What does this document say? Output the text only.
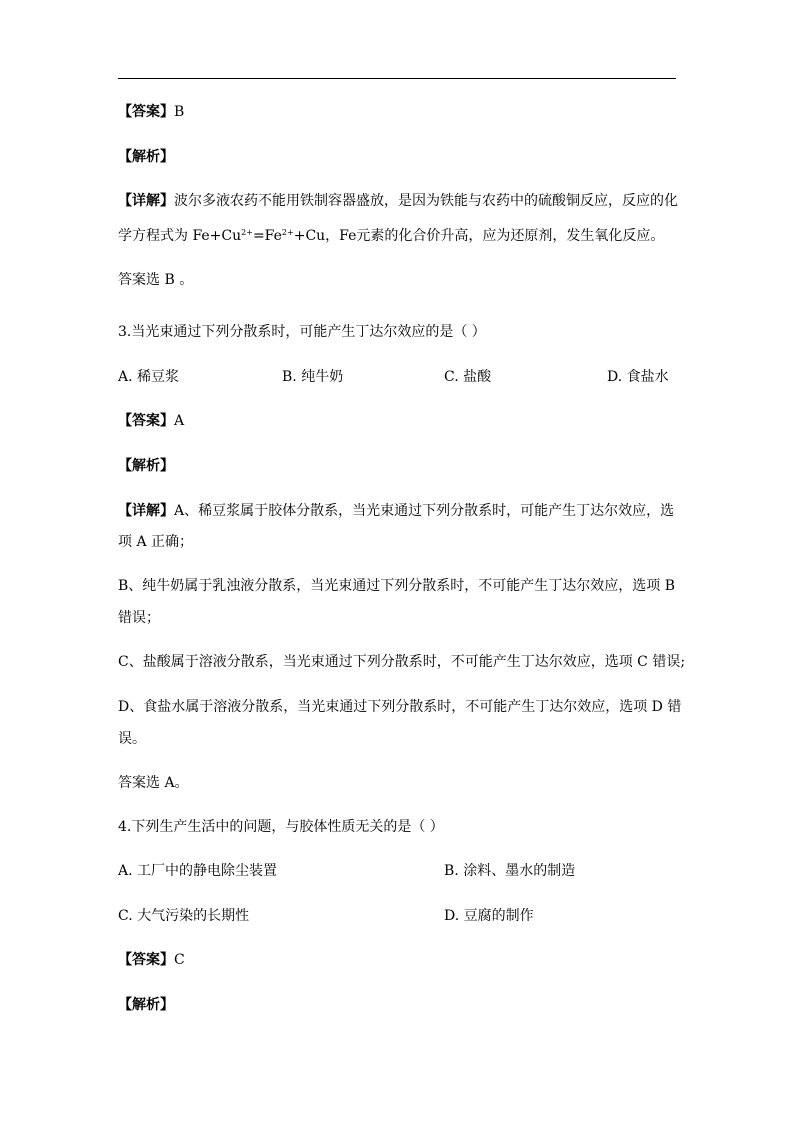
【答案】B
【解析】
【详解】波尔多液农药不能用铁制容器盛放，是因为铁能与农药中的硫酸铜反应，反应的化
学方程式为 $Fe+Cu^{2+}=Fe^{2+}+Cu$，Fe元素的化合价升高，应为还原剂，发生氧化反应。
答案选 B 。
3.当光束通过下列分散系时，可能产生丁达尔效应的是（ ）
A. 稀豆浆	B. 纯牛奶	C. 盐酸	D. 食盐水
【答案】A
【解析】
【详解】A、稀豆浆属于胶体分散系，当光束通过下列分散系时，可能产生丁达尔效应，选
项 A 正确；
B、纯牛奶属于乳浊液分散系，当光束通过下列分散系时，不可能产生丁达尔效应，选项 B
错误；
C、盐酸属于溶液分散系，当光束通过下列分散系时，不可能产生丁达尔效应，选项 C 错误;
D、食盐水属于溶液分散系，当光束通过下列分散系时，不可能产生丁达尔效应，选项 D 错
误。
答案选 A。
4.下列生产生活中的问题，与胶体性质无关的是（ ）
A. 工厂中的静电除尘装置	B. 涂料、墨水的制造
C. 大气污染的长期性	D. 豆腐的制作
【答案】C
【解析】
